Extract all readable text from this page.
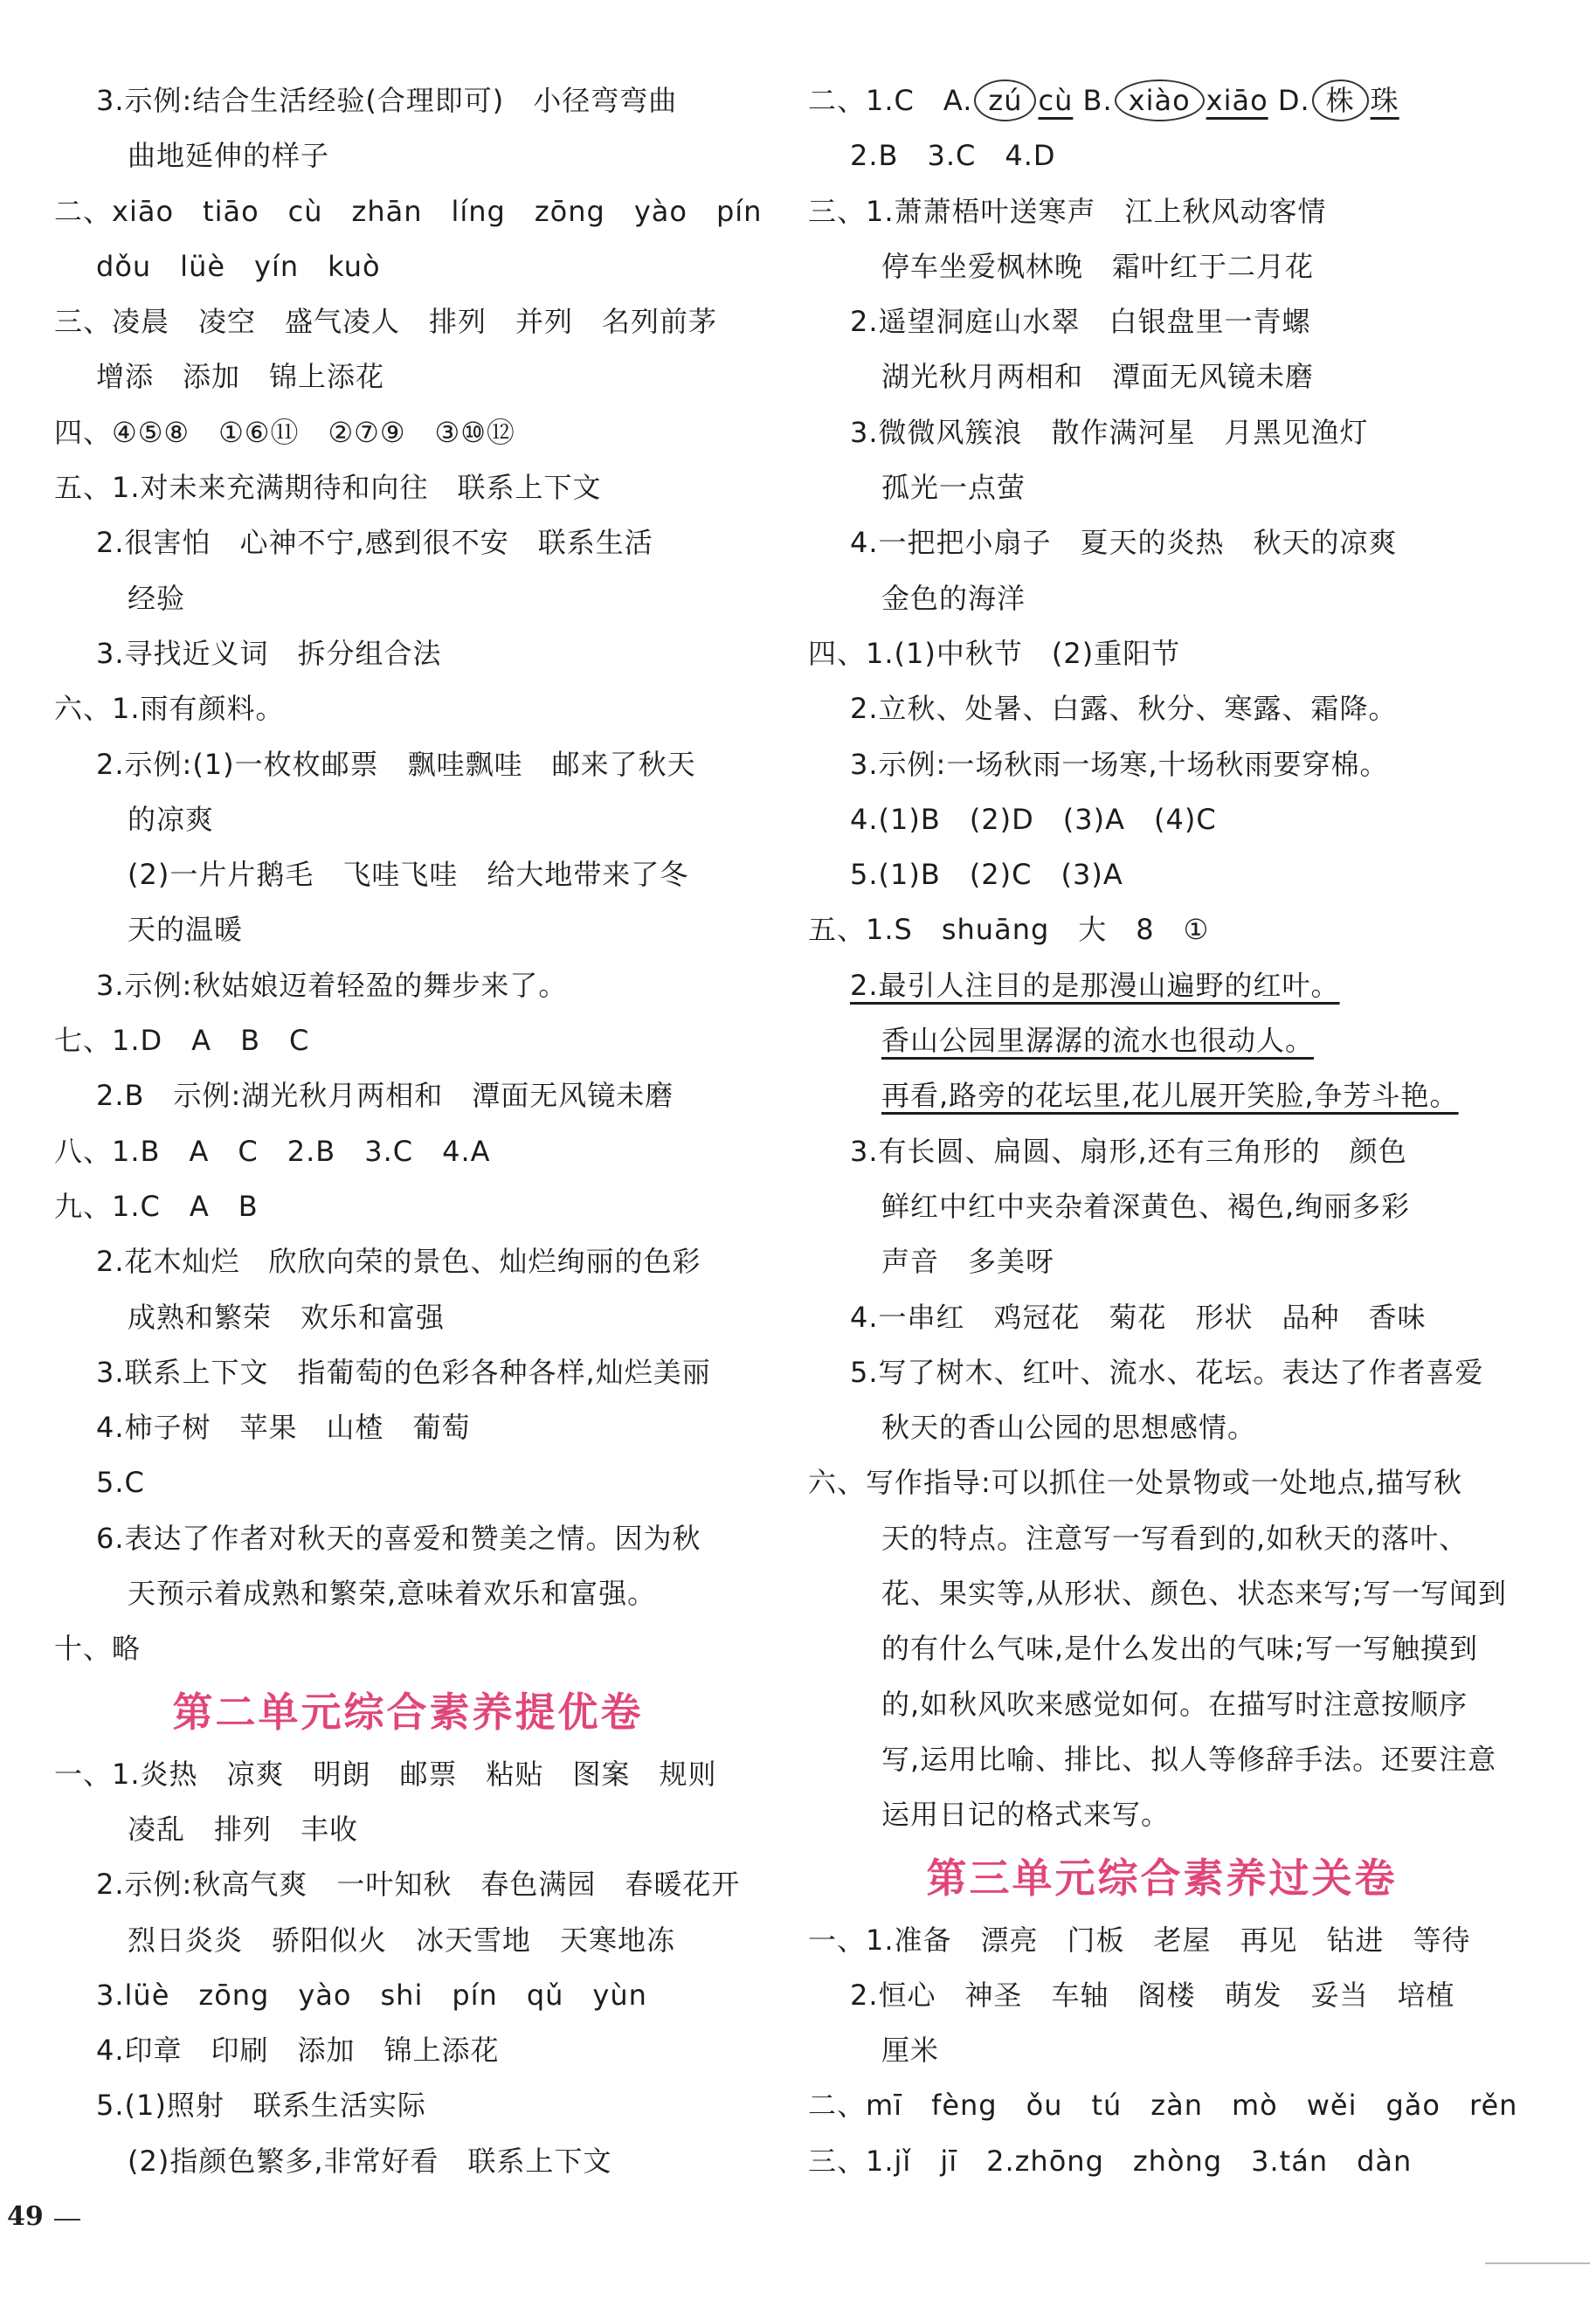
3.示例:结合生活经验(合理即可)　小径弯弯曲
曲地延伸的样子
二、xiāo　tiāo　cù　zhān　líng　zōng　yào　pín
dǒu　lüè　yín　kuò
三、凌晨　凌空　盛气凌人　排列　并列　名列前茅
增添　添加　锦上添花
四、④⑤⑧　①⑥⑪　②⑦⑨　③⑩⑫
五、1.对未来充满期待和向往　联系上下文
2.很害怕　心神不宁,感到很不安　联系生活
经验
3.寻找近义词　拆分组合法
六、1.雨有颜料。
2.示例:(1)一枚枚邮票　飘哇飘哇　邮来了秋天
的凉爽
(2)一片片鹅毛　飞哇飞哇　给大地带来了冬
天的温暖
3.示例:秋姑娘迈着轻盈的舞步来了。
七、1.D　A　B　C
2.B　示例:湖光秋月两相和　潭面无风镜未磨
八、1.B　A　C　2.B　3.C　4.A
九、1.C　A　B
2.花木灿烂　欣欣向荣的景色、灿烂绚丽的色彩
成熟和繁荣　欢乐和富强
3.联系上下文　指葡萄的色彩各种各样,灿烂美丽
4.柿子树　苹果　山楂　葡萄
5.C
6.表达了作者对秋天的喜爱和赞美之情。因为秋
天预示着成熟和繁荣,意味着欢乐和富强。
十、略
第二单元综合素养提优卷
一、1.炎热　凉爽　明朗　邮票　粘贴　图案　规则
凌乱　排列　丰收
2.示例:秋高气爽　一叶知秋　春色满园　春暖花开
烈日炎炎　骄阳似火　冰天雪地　天寒地冻
3.lüè　zōng　yào　shi　pín　qǔ　yùn
4.印章　印刷　添加　锦上添花
5.(1)照射　联系生活实际
(2)指颜色繁多,非常好看　联系上下文
二、1.C　A. zú cù B. xiào xiāo D. 株 珠
2.B　3.C　4.D
三、1.萧萧梧叶送寒声　江上秋风动客情
停车坐爱枫林晚　霜叶红于二月花
2.遥望洞庭山水翠　白银盘里一青螺
湖光秋月两相和　潭面无风镜未磨
3.微微风簇浪　散作满河星　月黑见渔灯
孤光一点萤
4.一把把小扇子　夏天的炎热　秋天的凉爽
金色的海洋
四、1.(1)中秋节　(2)重阳节
2.立秋、处暑、白露、秋分、寒露、霜降。
3.示例:一场秋雨一场寒,十场秋雨要穿棉。
4.(1)B　(2)D　(3)A　(4)C
5.(1)B　(2)C　(3)A
五、1.S　shuāng　大　8　①
2.最引人注目的是那漫山遍野的红叶。
香山公园里潺潺的流水也很动人。
再看,路旁的花坛里,花儿展开笑脸,争芳斗艳。
3.有长圆、扁圆、扇形,还有三角形的　颜色
鲜红中红中夹杂着深黄色、褐色,绚丽多彩
声音　多美呀
4.一串红　鸡冠花　菊花　形状　品种　香味
5.写了树木、红叶、流水、花坛。表达了作者喜爱
秋天的香山公园的思想感情。
六、写作指导:可以抓住一处景物或一处地点,描写秋
天的特点。注意写一写看到的,如秋天的落叶、
花、果实等,从形状、颜色、状态来写;写一写闻到
的有什么气味,是什么发出的气味;写一写触摸到
的,如秋风吹来感觉如何。在描写时注意按顺序
写,运用比喻、排比、拟人等修辞手法。还要注意
运用日记的格式来写。
第三单元综合素养过关卷
一、1.准备　漂亮　门板　老屋　再见　钻进　等待
2.恒心　神圣　车轴　阁楼　萌发　妥当　培植
厘米
二、mī　fèng　ǒu　tú　zàn　mò　wěi　gǎo　rěn
三、1.jǐ　jī　2.zhōng　zhòng　3.tán　dàn
49
